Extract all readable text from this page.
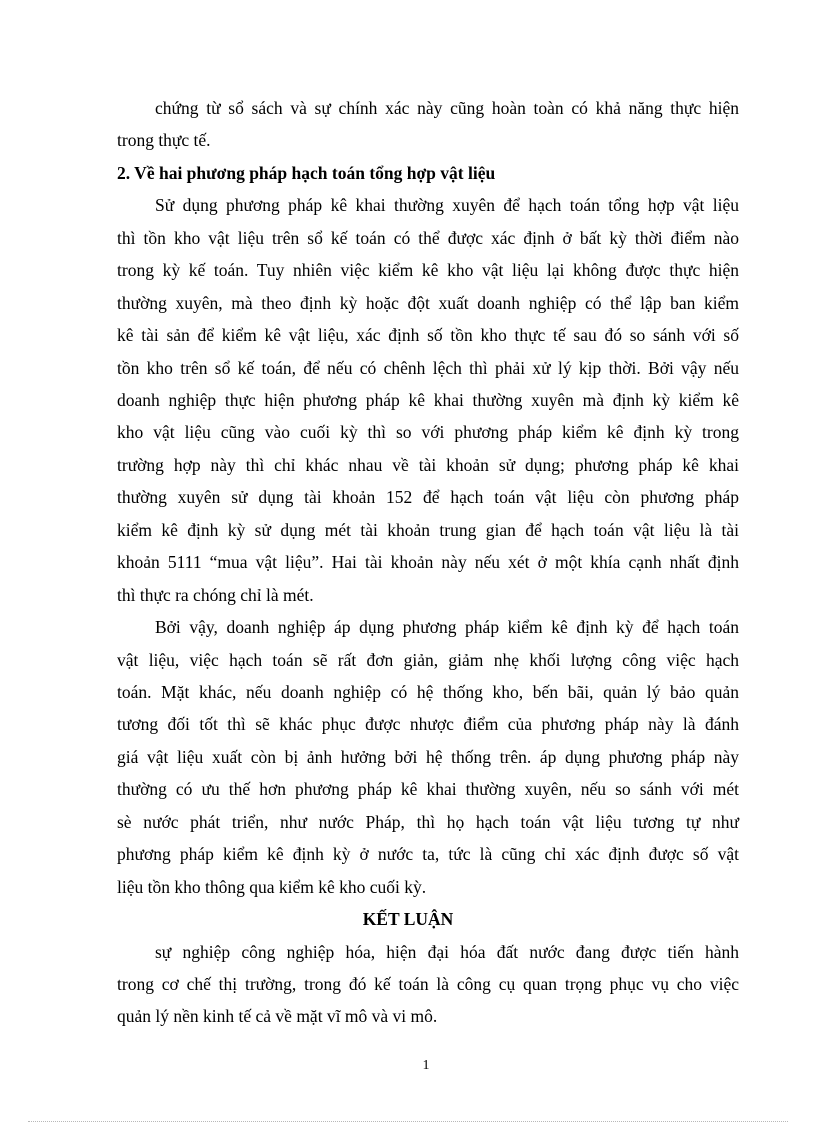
chứng từ sổ sách và sự chính xác này cũng hoàn toàn có khả năng thực hiện
trong thực tế.
2. Về hai phương pháp hạch toán tổng hợp vật liệu
Sử dụng phương pháp kê khai thường xuyên để hạch toán tổng hợp vật liệu
thì tồn kho vật liệu trên sổ kế toán có thể được xác định ở bất kỳ thời điểm nào
trong kỳ kế toán. Tuy nhiên việc kiểm kê kho vật liệu lại không được thực hiện
thường xuyên, mà theo định kỳ hoặc đột xuất doanh nghiệp có thể lập ban kiểm
kê tài sản để kiểm kê vật liệu, xác định số tồn kho thực tế sau đó so sánh với số
tồn kho trên sổ kế toán, để nếu có chênh lệch thì phải xử lý kịp thời. Bởi vậy nếu
doanh nghiệp thực hiện phương pháp kê khai thường xuyên mà định kỳ kiểm kê
kho vật liệu cũng vào cuối kỳ thì so với phương pháp kiểm kê định kỳ trong
trường hợp này thì chỉ khác nhau về tài khoản sử dụng; phương pháp kê khai
thường xuyên sử dụng tài khoản 152 để hạch toán vật liệu còn phương pháp
kiểm kê định kỳ sử dụng mét tài khoản trung gian để hạch toán vật liệu là tài
khoản 5111 “mua vật liệu”. Hai tài khoản này nếu xét ở một khía cạnh nhất định
thì thực ra chóng chỉ là mét.
Bởi vậy, doanh nghiệp áp dụng phương pháp kiểm kê định kỳ để hạch toán
vật liệu, việc hạch toán sẽ rất đơn giản, giảm nhẹ khối lượng công việc hạch
toán. Mặt khác, nếu doanh nghiệp có hệ thống kho, bến bãi, quản lý bảo quản
tương đối tốt thì sẽ khác phục được nhược điểm của phương pháp này là đánh
giá vật liệu xuất còn bị ảnh hưởng bởi hệ thống trên. áp dụng phương pháp này
thường có ưu thế hơn phương pháp kê khai thường xuyên, nếu so sánh với mét
sè nước phát triển, như nước Pháp, thì họ hạch toán vật liệu tương tự như
phương pháp kiểm kê định kỳ ở nước ta, tức là cũng chỉ xác định được số vật
liệu tồn kho thông qua kiểm kê kho cuối kỳ.
KẾT LUẬN
sự nghiệp công nghiệp hóa, hiện đại hóa đất nước đang được tiến hành
trong cơ chế thị trường, trong đó kế toán là công cụ quan trọng phục vụ cho việc
quản lý nền kinh tế cả về mặt vĩ mô và vi mô.
1
